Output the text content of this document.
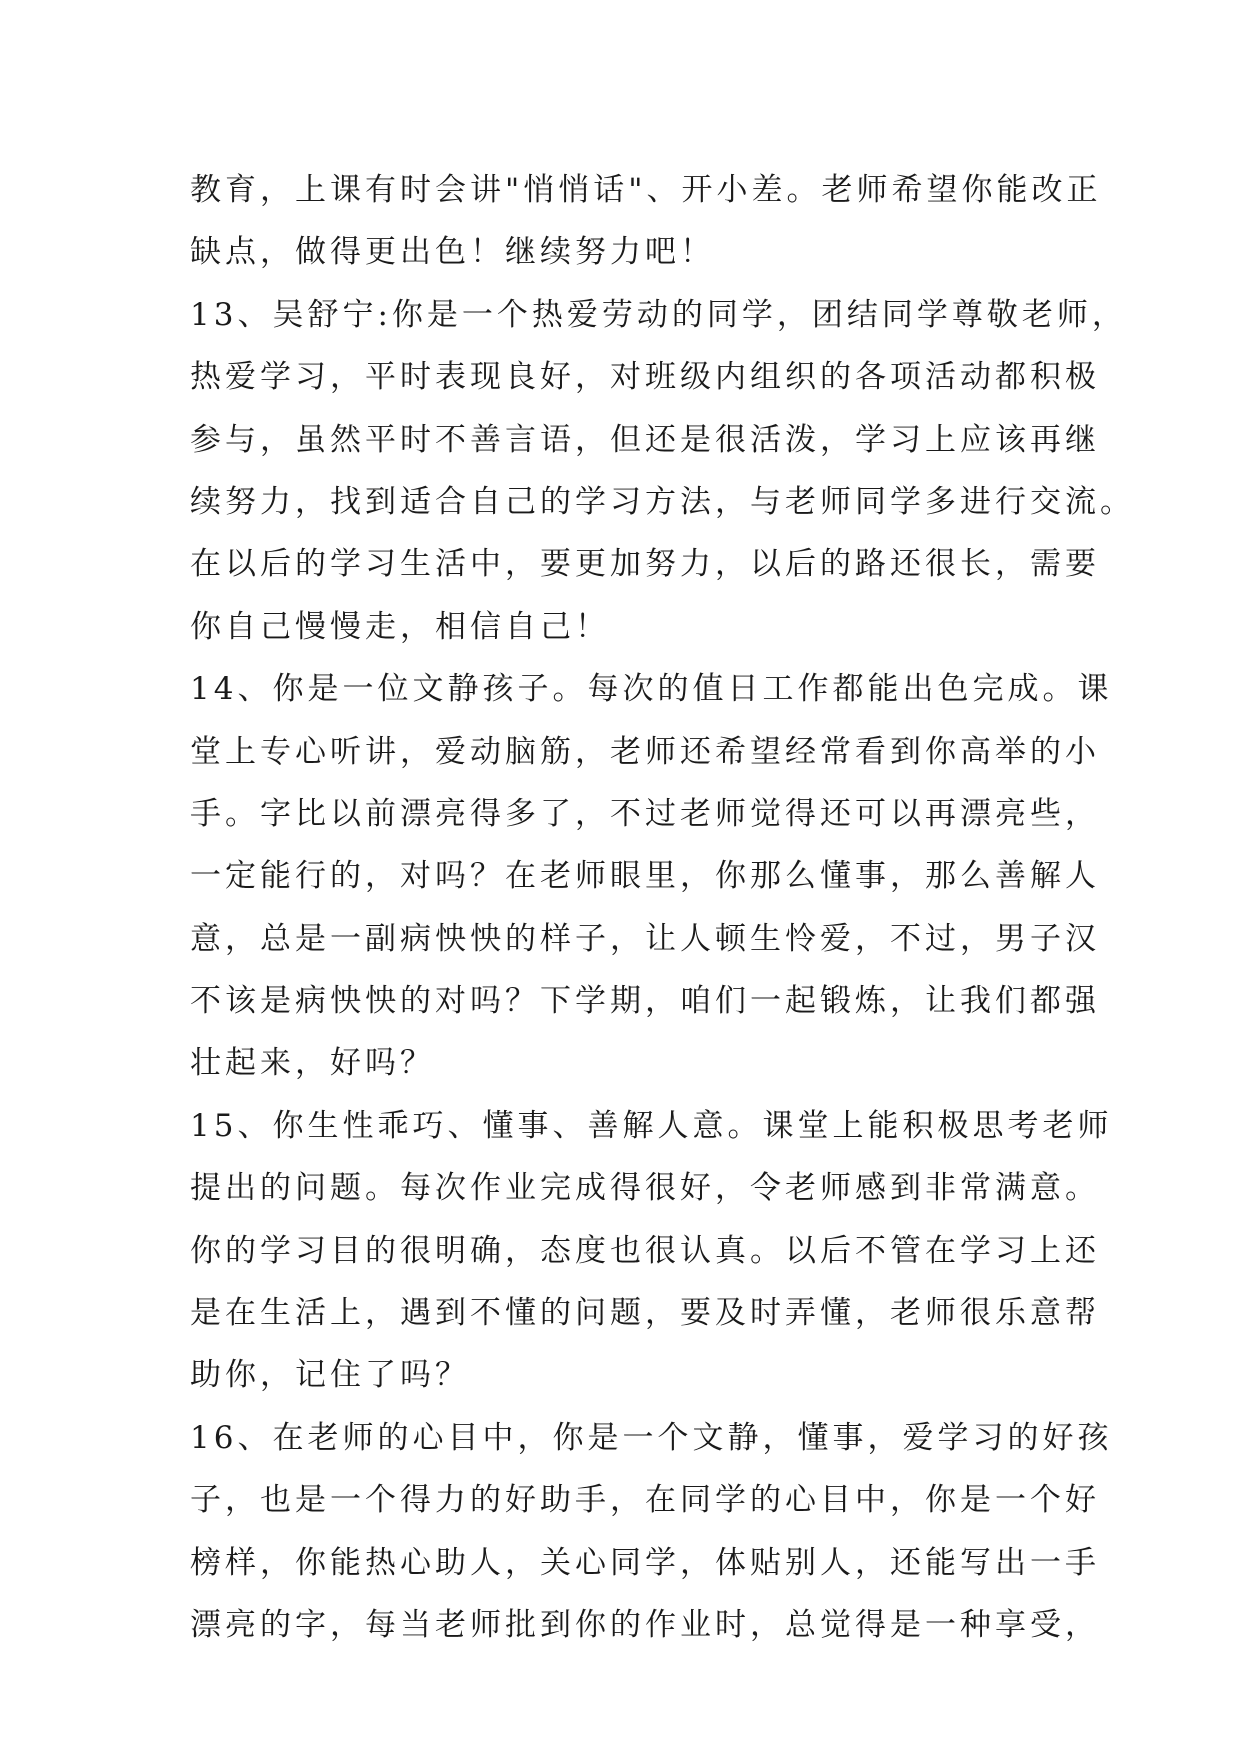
教育，上课有时会讲"悄悄话"、开小差。老师希望你能改正
缺点，做得更出色！继续努力吧！
13、吴舒宁:你是一个热爱劳动的同学，团结同学尊敬老师，
热爱学习，平时表现良好，对班级内组织的各项活动都积极
参与，虽然平时不善言语，但还是很活泼，学习上应该再继
续努力，找到适合自己的学习方法，与老师同学多进行交流。
在以后的学习生活中，要更加努力，以后的路还很长，需要
你自己慢慢走，相信自己！
14、你是一位文静孩子。每次的值日工作都能出色完成。课
堂上专心听讲，爱动脑筋，老师还希望经常看到你高举的小
手。字比以前漂亮得多了，不过老师觉得还可以再漂亮些，
一定能行的，对吗？在老师眼里，你那么懂事，那么善解人
意，总是一副病怏怏的样子，让人顿生怜爱，不过，男子汉
不该是病怏怏的对吗？下学期，咱们一起锻炼，让我们都强
壮起来，好吗？
15、你生性乖巧、懂事、善解人意。课堂上能积极思考老师
提出的问题。每次作业完成得很好，令老师感到非常满意。
你的学习目的很明确，态度也很认真。以后不管在学习上还
是在生活上，遇到不懂的问题，要及时弄懂，老师很乐意帮
助你，记住了吗？
16、在老师的心目中，你是一个文静，懂事，爱学习的好孩
子，也是一个得力的好助手，在同学的心目中，你是一个好
榜样，你能热心助人，关心同学，体贴别人，还能写出一手
漂亮的字，每当老师批到你的作业时，总觉得是一种享受，
